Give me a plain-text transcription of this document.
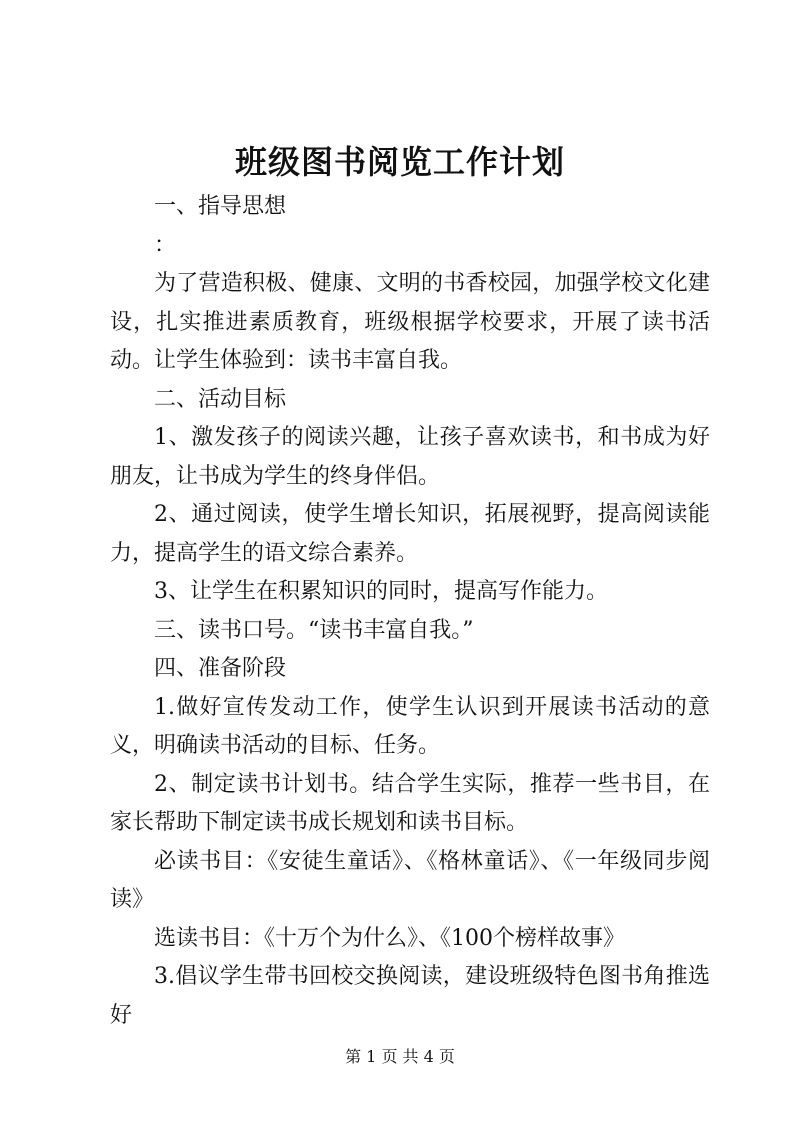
班级图书阅览工作计划

一、指导思想

：

为了营造积极、健康、文明的书香校园，加强学校文化建设，扎实推进素质教育，班级根据学校要求，开展了读书活动。让学生体验到：读书丰富自我。

二、活动目标

1、激发孩子的阅读兴趣，让孩子喜欢读书，和书成为好朋友，让书成为学生的终身伴侣。

2、通过阅读，使学生增长知识，拓展视野，提高阅读能力，提高学生的语文综合素养。

3、让学生在积累知识的同时，提高写作能力。

三、读书口号。“读书丰富自我。”

四、准备阶段

1.做好宣传发动工作，使学生认识到开展读书活动的意义，明确读书活动的目标、任务。

2、制定读书计划书。结合学生实际，推荐一些书目，在家长帮助下制定读书成长规划和读书目标。

必读书目：《安徒生童话》、《格林童话》、《一年级同步阅读》

选读书目：《十万个为什么》、《100个榜样故事》

3.倡议学生带书回校交换阅读，建设班级特色图书角推选好

第 1 页 共 4 页
